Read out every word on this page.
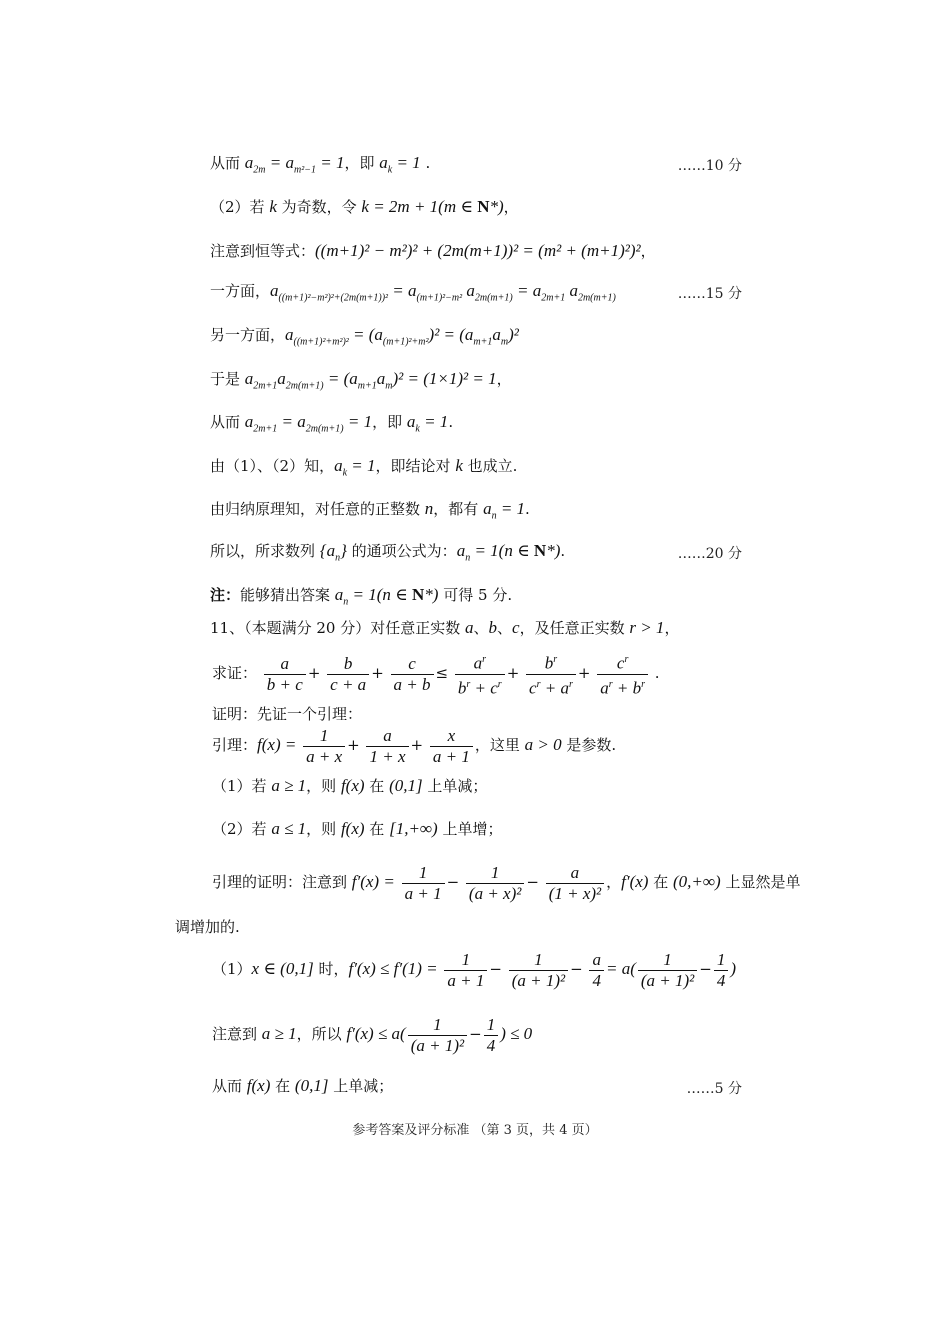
从而 $a_{2m} = a_{m^2-1} = 1$，即 $a_k = 1$ .	……10 分
（2）若 k 为奇数，令 k = 2m + 1(m ∈ N*)，
注意到恒等式：((m+1)² − m²)² + (2m(m+1))² = (m² + (m+1)²)²，
一方面，$a_{((m+1)^2-m^2)^2+(2m(m+1))^2} = a_{(m+1)^2-m^2}$ $a_{2m(m+1)} = a_{2m+1}$ $a_{2m(m+1)}$	……15 分
另一方面，$a_{((m+1)^2+m^2)^2} = (a_{(m+1)^2+m^2})^2 = (a_{m+1}a_m)^2$
于是 $a_{2m+1}a_{2m(m+1)} = (a_{m+1}a_m)^2 = (1\times 1)^2 = 1$，
从而 $a_{2m+1} = a_{2m(m+1)} = 1$，即 $a_k = 1$.
由（1）、（2）知，$a_k = 1$，即结论对 k 也成立.
由归纳原理知，对任意的正整数 n，都有 $a_n = 1$.
所以，所求数列 $\{a_n\}$ 的通项公式为：$a_n = 1(n$ ∈ N*).	……20 分
注：能够猜出答案 $a_n = 1(n$ ∈ N*) 可得 5 分.
11、（本题满分 20 分）对任意正实数 a、b、c，及任意正实数 r > 1，
求证： $\frac{a}{b + c} + \frac{b}{c + a} + \frac{c}{a + b} \le \frac{a^r}{b^r + c^r} + \frac{b^r}{c^r + a^r} + \frac{c^r}{a^r + b^r}$ .
证明：先证一个引理：
引理：$f(x) = \frac{1}{a + x} + \frac{a}{1 + x} + \frac{x}{a + 1}$ ，这里 a > 0 是参数.
（1）若 a ≥ 1，则 f(x) 在 (0,1] 上单减；
（2）若 a ≤ 1，则 f(x) 在 [1,+∞) 上单增；
引理的证明：注意到 $f'(x) = \frac{1}{a + 1} - \frac{1}{\text{(a + x)²}} - \frac{a}{\text{(1 + x)²}}$ ，f′(x) 在 (0,+∞) 上显然是单
调增加的.
（1）x ∈ (0,1] 时，$f'(x) \le f'(1) = \frac{1}{a + 1} - \frac{1}{\text{(a + 1)²}} - \frac{a}{4} = a( \frac{1}{\text{(a + 1)²}} - \frac{1}{4}$ )
注意到 a ≥ 1，所以 $f'(x) \le a( \frac{1}{\text{(a + 1)²}} - \frac{1}{4}$ ) ≤ 0
从而 f(x) 在 (0,1] 上单减；	……5 分
参考答案及评分标准 （第 3 页，共 4 页）
